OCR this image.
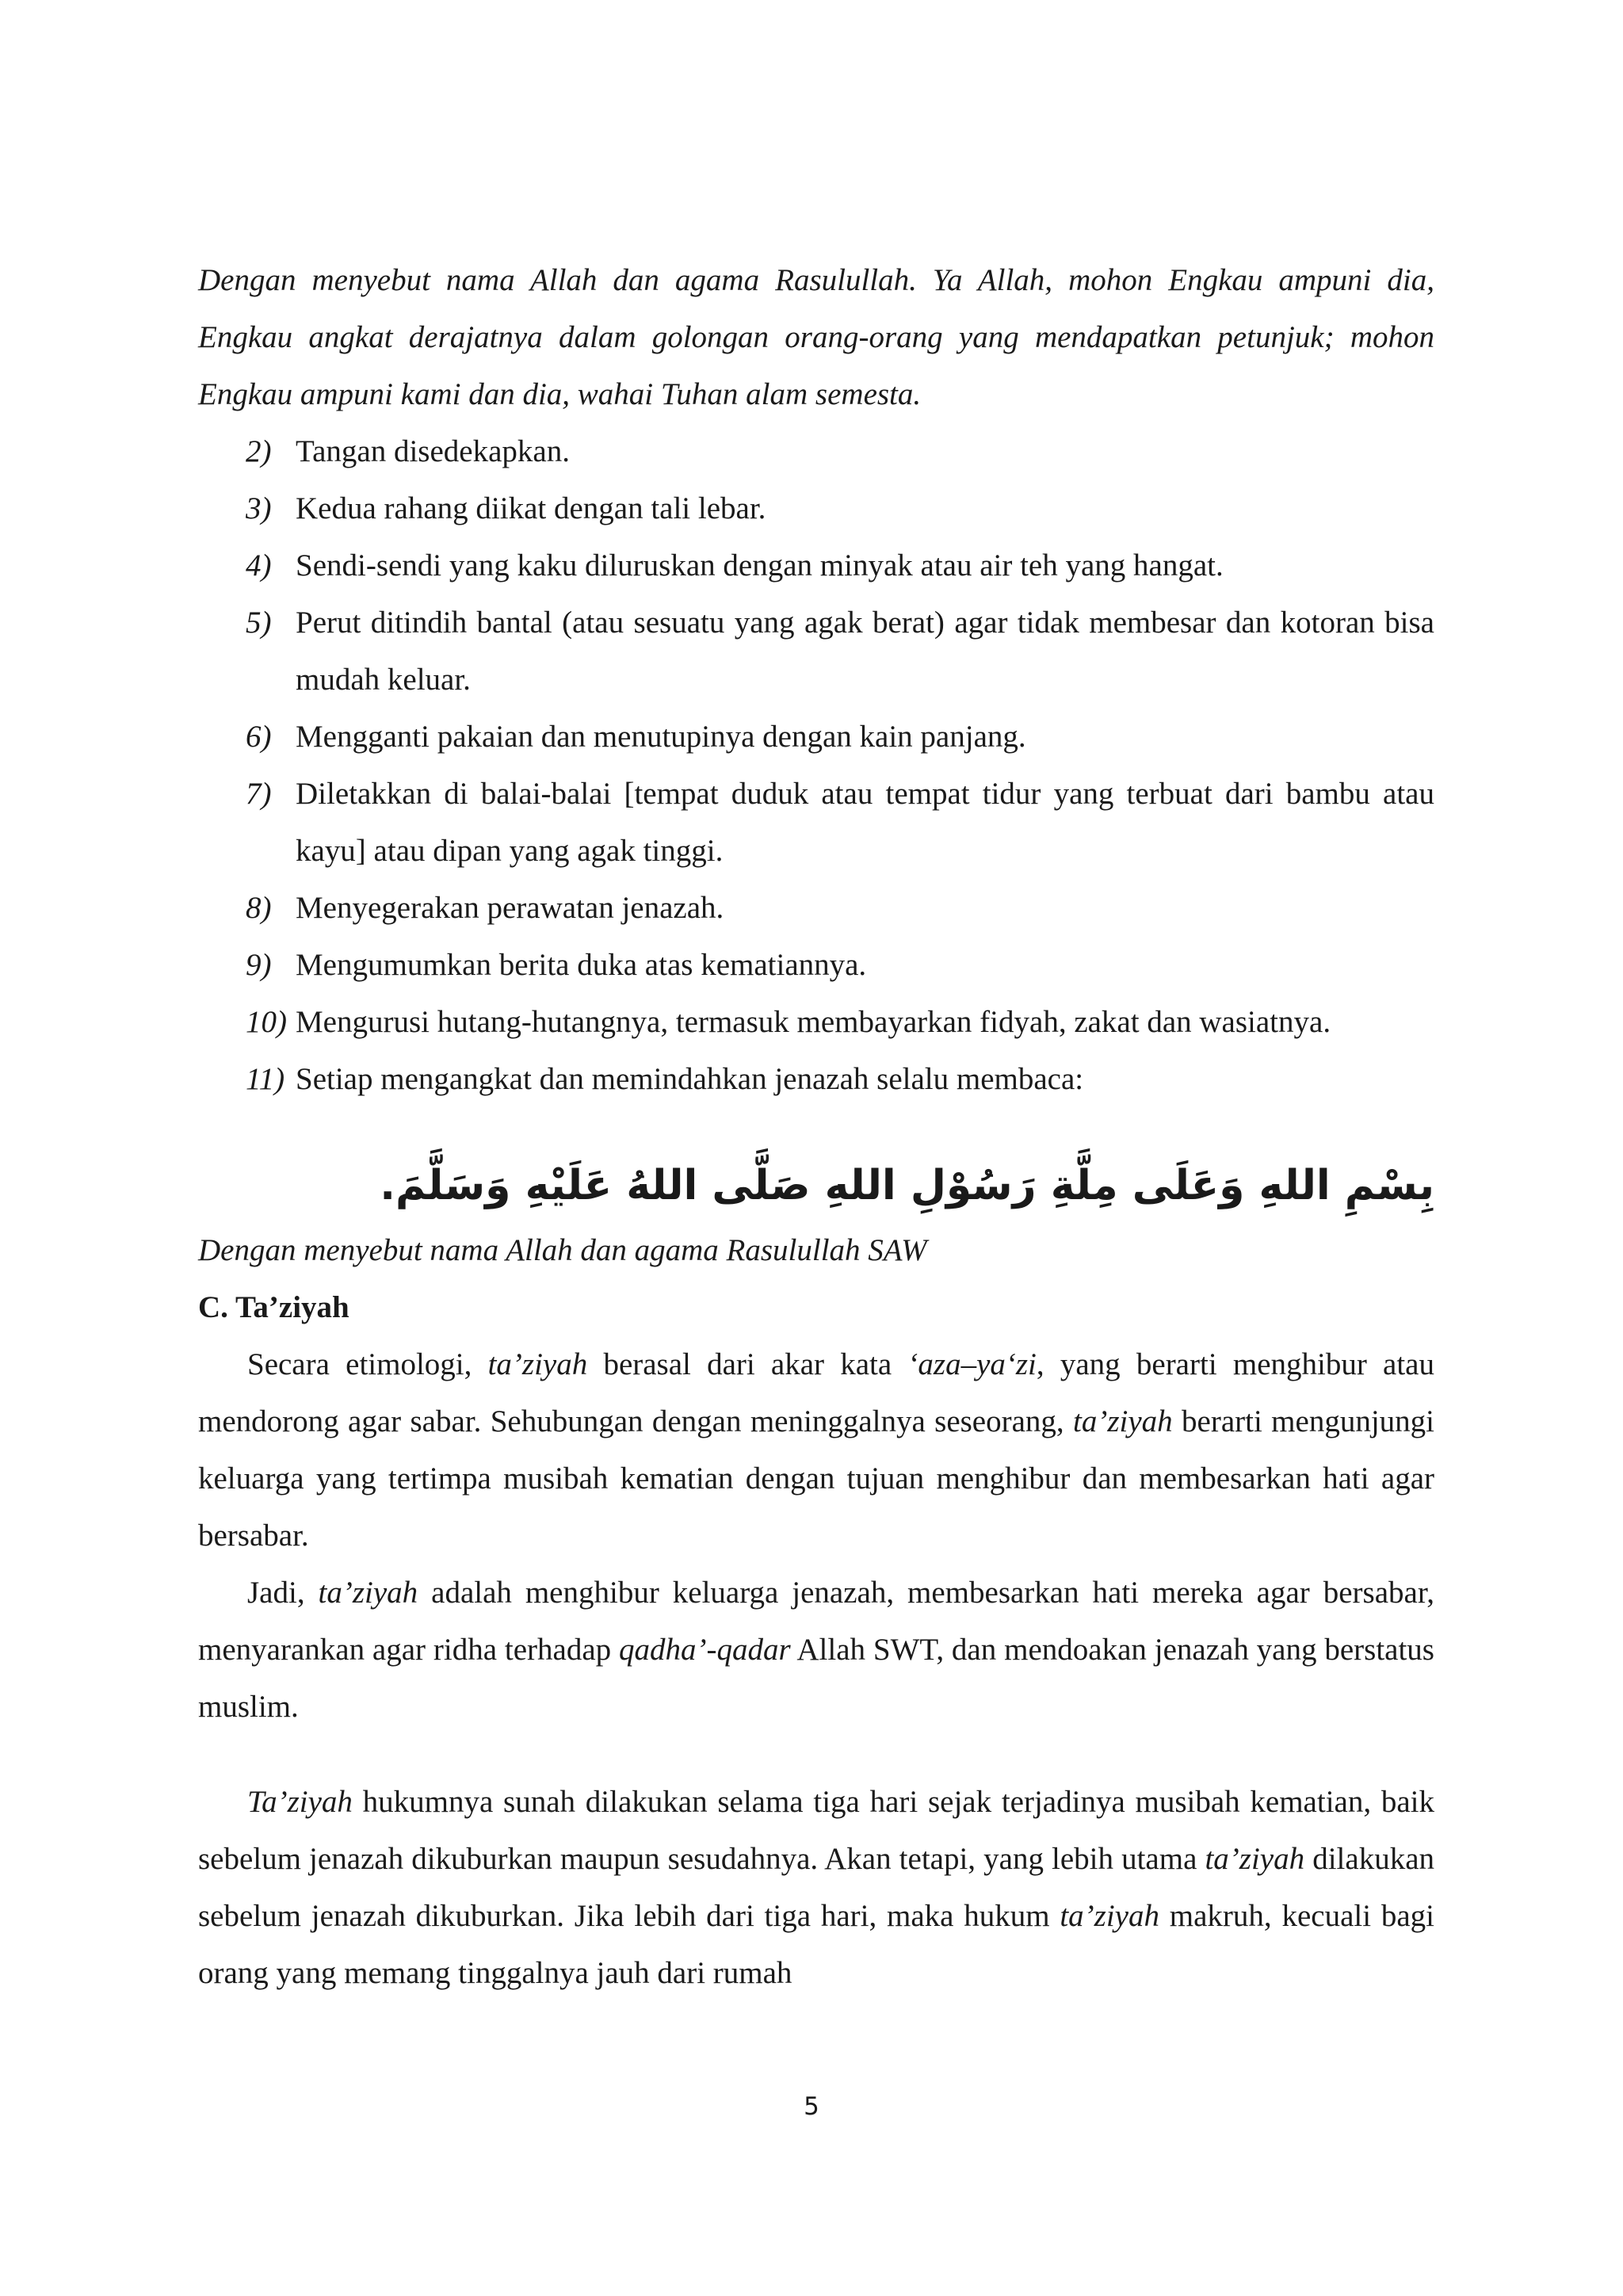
Dengan menyebut nama Allah dan agama Rasulullah. Ya Allah, mohon Engkau ampuni dia, Engkau angkat derajatnya dalam golongan orang-orang yang mendapatkan petunjuk; mohon Engkau ampuni kami dan dia, wahai Tuhan alam semesta.

2) Tangan disedekapkan.
3) Kedua rahang diikat dengan tali lebar.
4) Sendi-sendi yang kaku diluruskan dengan minyak atau air teh yang hangat.
5) Perut ditindih bantal (atau sesuatu yang agak berat) agar tidak membesar dan kotoran bisa mudah keluar.
6) Mengganti pakaian dan menutupinya dengan kain panjang.
7) Diletakkan di balai-balai [tempat duduk atau tempat tidur yang terbuat dari bambu atau kayu] atau dipan yang agak tinggi.
8) Menyegerakan perawatan jenazah.
9) Mengumumkan berita duka atas kematiannya.
10) Mengurusi hutang-hutangnya, termasuk membayarkan fidyah, zakat dan wasiatnya.
11) Setiap mengangkat dan memindahkan jenazah selalu membaca:
بِسْمِ اللهِ وَعَلَى مِلَّةِ رَسُوْلِ اللهِ صَلَّى اللهُ عَلَيْهِ وَسَلَّمَ.

Dengan menyebut nama Allah dan agama Rasulullah SAW

C. Ta’ziyah

Secara etimologi, ta’ziyah berasal dari akar kata ‘aza–ya‘zi, yang berarti menghibur atau mendorong agar sabar. Sehubungan dengan meninggalnya seseorang, ta’ziyah berarti mengunjungi keluarga yang tertimpa musibah kematian dengan tujuan menghibur dan membesarkan hati agar bersabar.

Jadi, ta’ziyah adalah menghibur keluarga jenazah, membesarkan hati mereka agar bersabar, menyarankan agar ridha terhadap qadha’-qadar Allah SWT, dan mendoakan jenazah yang berstatus muslim.

Ta’ziyah hukumnya sunah dilakukan selama tiga hari sejak terjadinya musibah kematian, baik sebelum jenazah dikuburkan maupun sesudahnya. Akan tetapi, yang lebih utama ta’ziyah dilakukan sebelum jenazah dikuburkan. Jika lebih dari tiga hari, maka hukum ta’ziyah makruh, kecuali bagi orang yang memang tinggalnya jauh dari rumah

5
